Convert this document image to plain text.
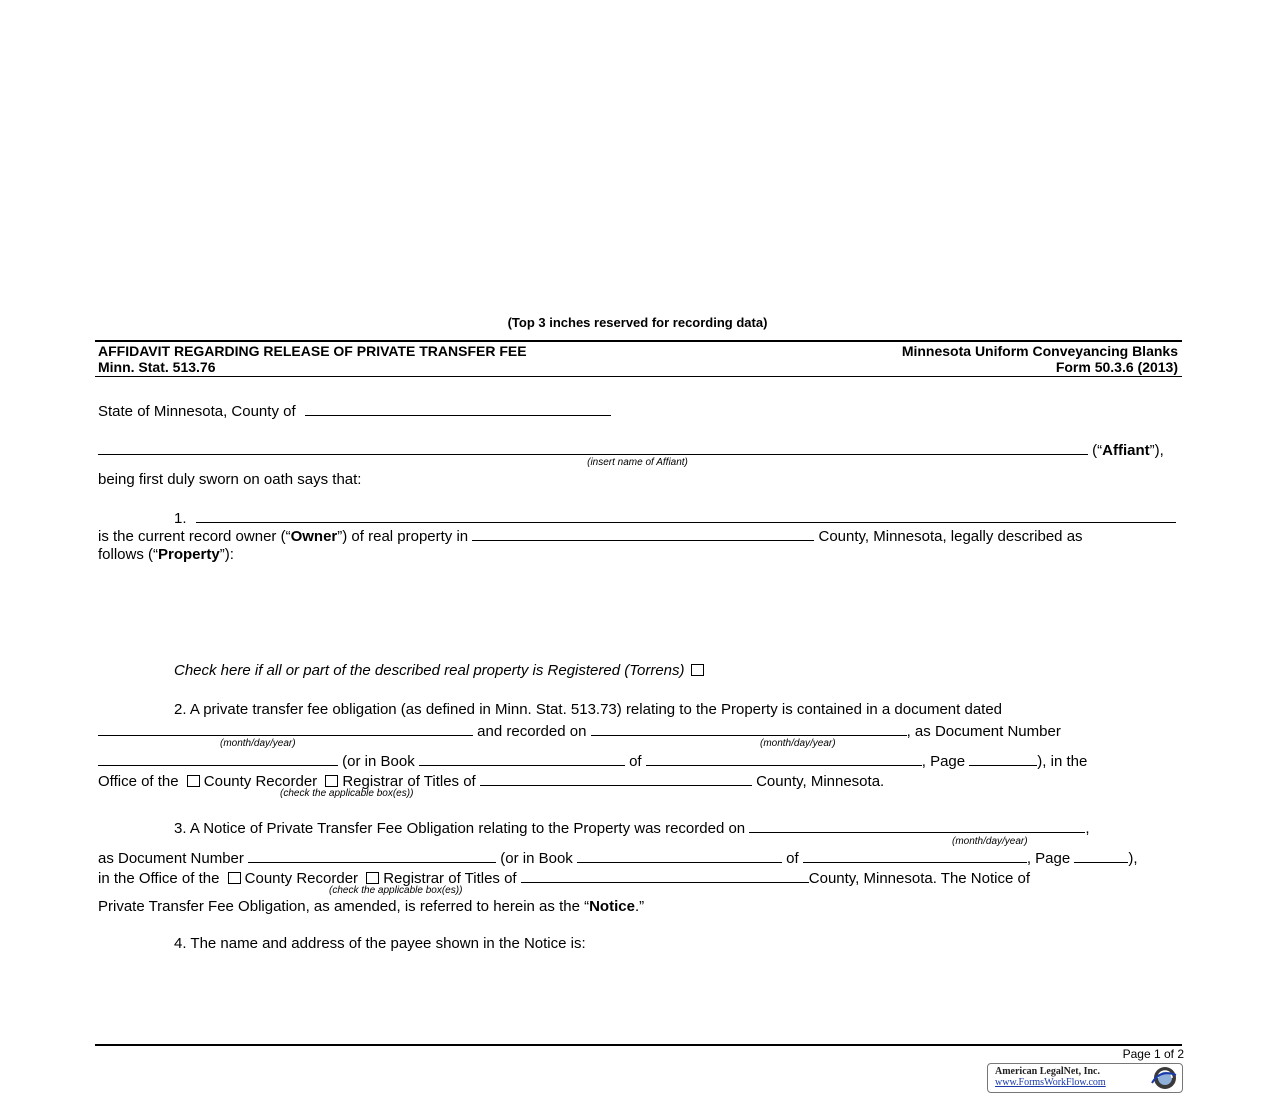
(Top 3 inches reserved for recording data)
AFFIDAVIT REGARDING RELEASE OF PRIVATE TRANSFER FEE
Minn. Stat. 513.76
Minnesota Uniform Conveyancing Blanks
Form 50.3.6 (2013)
State of Minnesota, County of
(“Affiant”),
(insert name of Affiant)
being first duly sworn on oath says that:
1.
is the current record owner (“Owner”) of real property in	County, Minnesota, legally described as
follows (“Property”):
Check here if all or part of the described real property is Registered (Torrens)
2. A private transfer fee obligation (as defined in Minn. Stat. 513.73) relating to the Property is contained in a document dated
and recorded on	, as Document Number
(month/day/year)	(month/day/year)
(or in Book	of	, Page	), in the
Office of the County Recorder Registrar of Titles of	County, Minnesota.
(check the applicable box(es))
3. A Notice of Private Transfer Fee Obligation relating to the Property was recorded on	,
(month/day/year)
as Document Number	(or in Book	of	, Page	),
in the Office of the County Recorder Registrar of Titles of	County, Minnesota. The Notice of
(check the applicable box(es))
Private Transfer Fee Obligation, as amended, is referred to herein as the “Notice.”
4. The name and address of the payee shown in the Notice is:
Page 1 of 2
American LegalNet, Inc.
www.FormsWorkFlow.com
